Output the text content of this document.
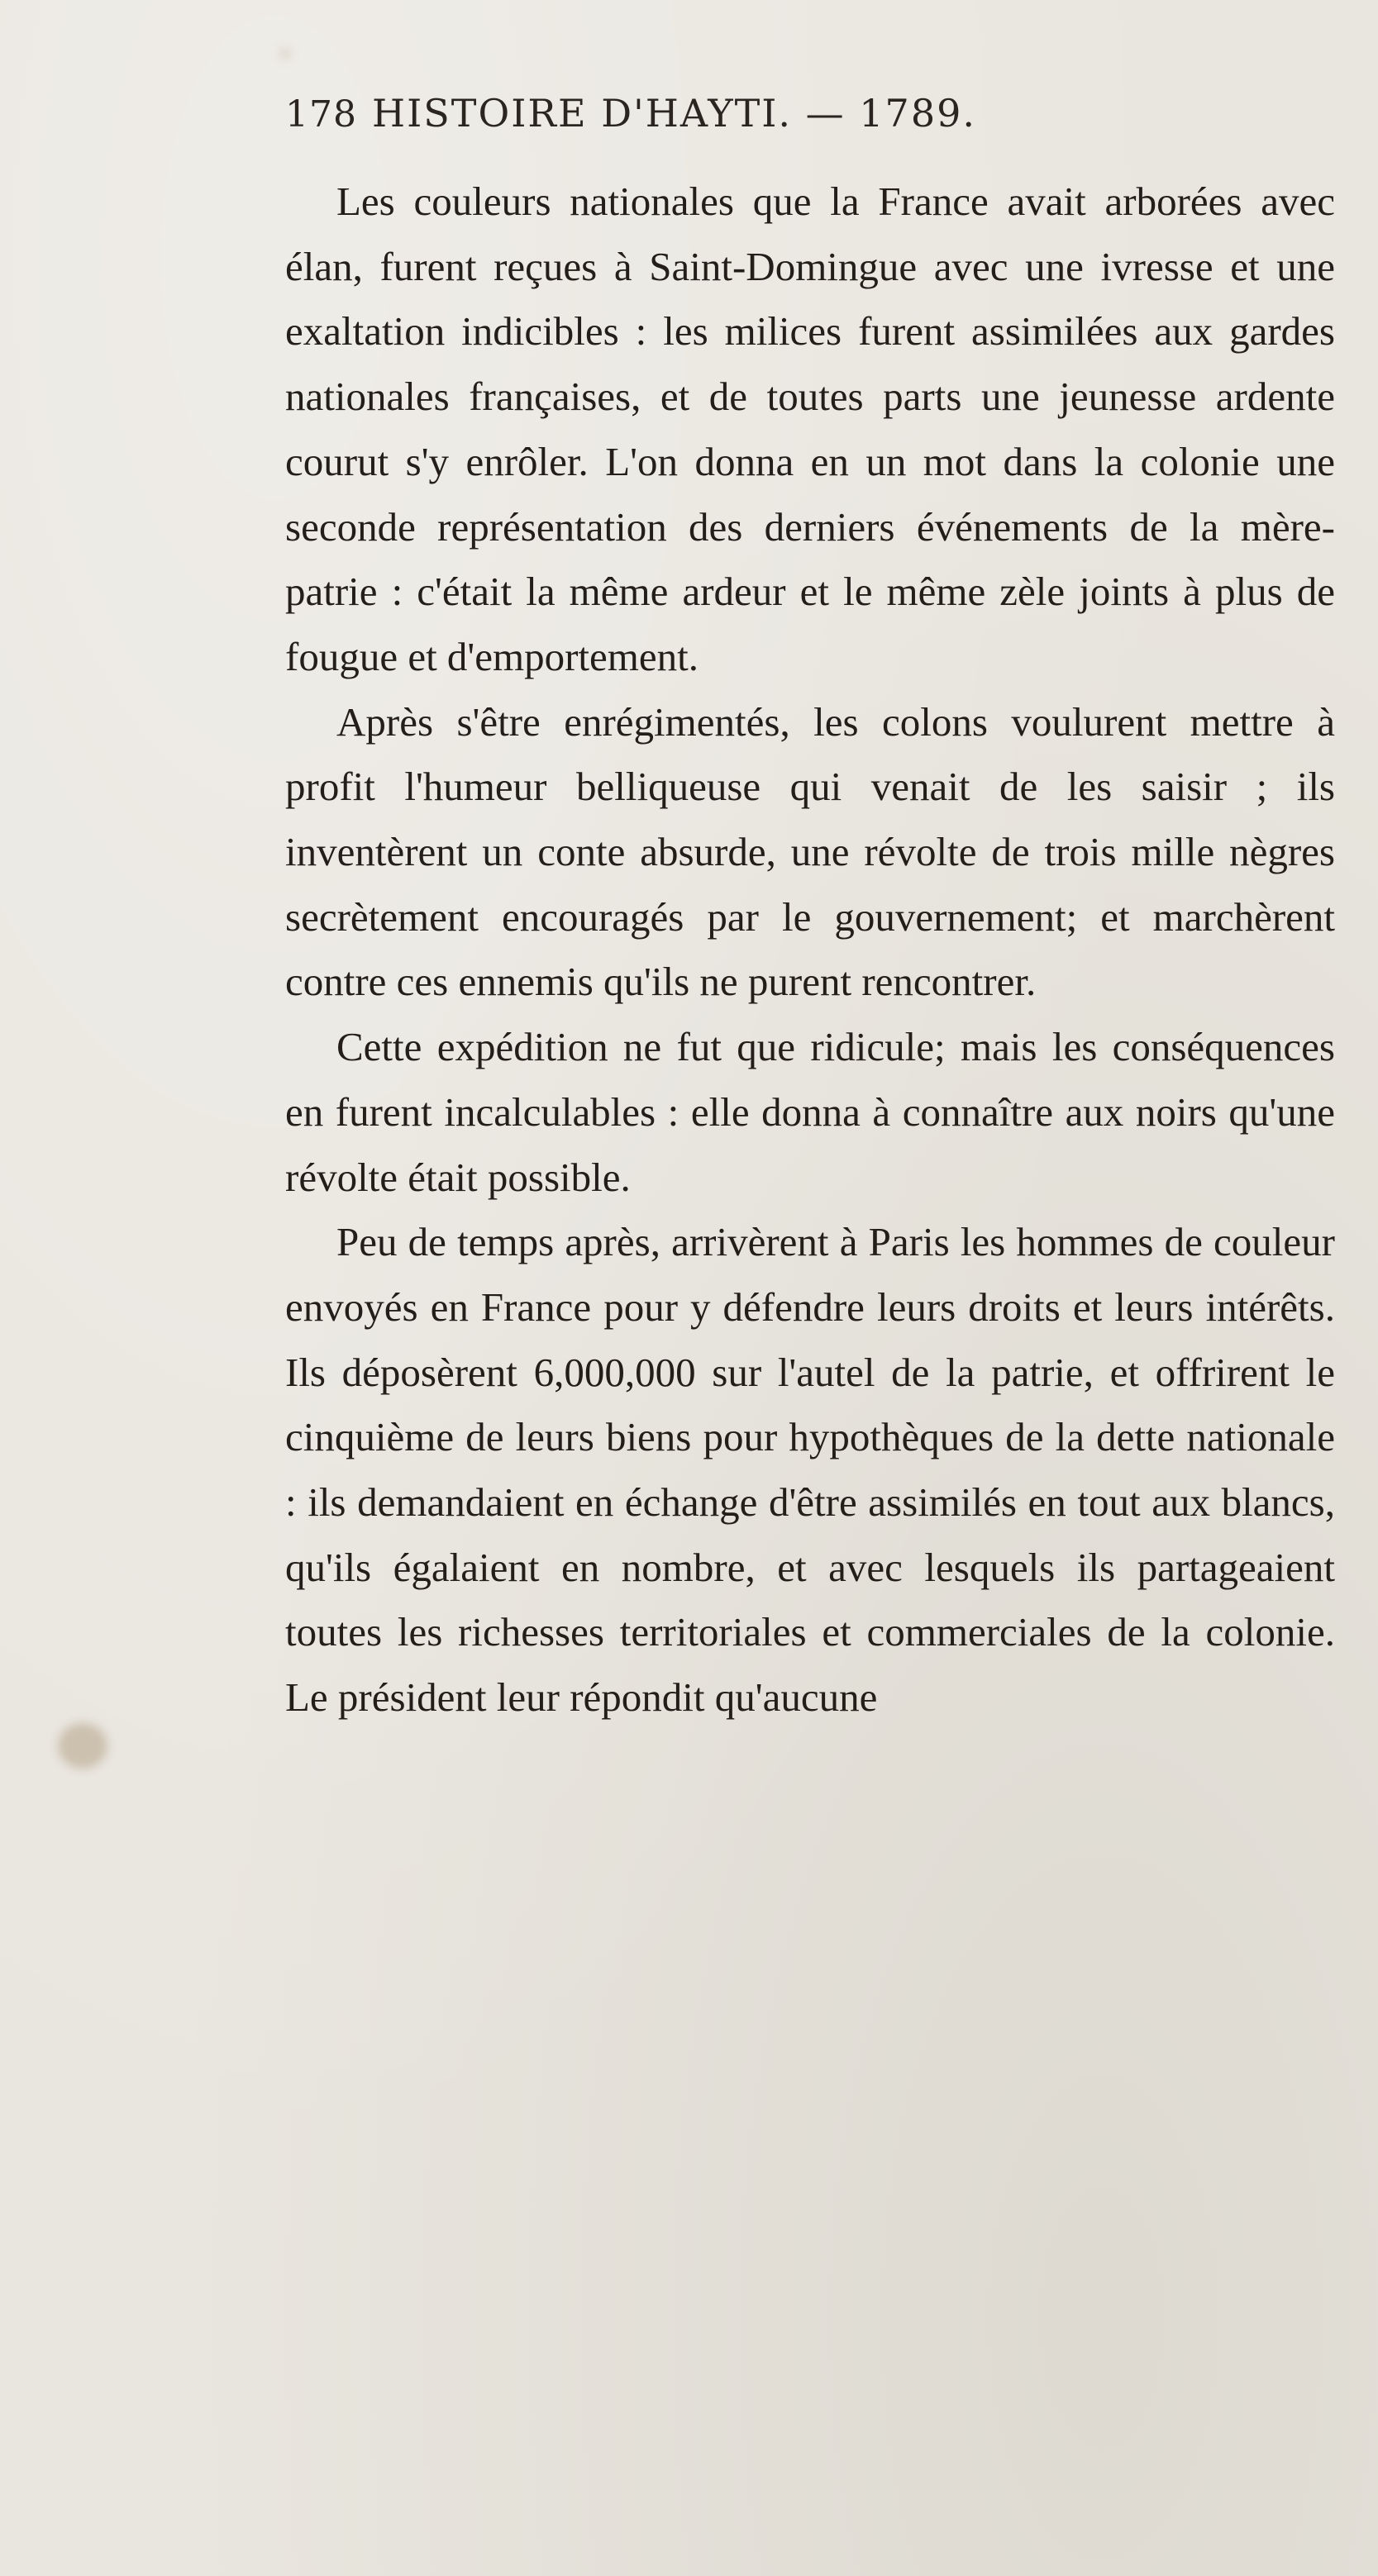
178 HISTOIRE D'HAYTI. — 1789.

Les couleurs nationales que la France avait arborées avec élan, furent reçues à Saint-Domingue avec une ivresse et une exaltation indicibles : les milices furent assimilées aux gardes nationales françaises, et de toutes parts une jeunesse ardente courut s'y enrôler. L'on donna en un mot dans la colonie une seconde représentation des derniers événements de la mère-patrie : c'était la même ardeur et le même zèle joints à plus de fougue et d'emportement.

Après s'être enrégimentés, les colons voulurent mettre à profit l'humeur belliqueuse qui venait de les saisir ; ils inventèrent un conte absurde, une révolte de trois mille nègres secrètement encouragés par le gouvernement; et marchèrent contre ces ennemis qu'ils ne purent rencontrer.

Cette expédition ne fut que ridicule; mais les conséquences en furent incalculables : elle donna à connaître aux noirs qu'une révolte était possible.

Peu de temps après, arrivèrent à Paris les hommes de couleur envoyés en France pour y défendre leurs droits et leurs intérêts. Ils déposèrent 6,000,000 sur l'autel de la patrie, et offrirent le cinquième de leurs biens pour hypothèques de la dette nationale : ils demandaient en échange d'être assimilés en tout aux blancs, qu'ils égalaient en nombre, et avec lesquels ils partageaient toutes les richesses territoriales et commerciales de la colonie. Le président leur répondit qu'aucune
